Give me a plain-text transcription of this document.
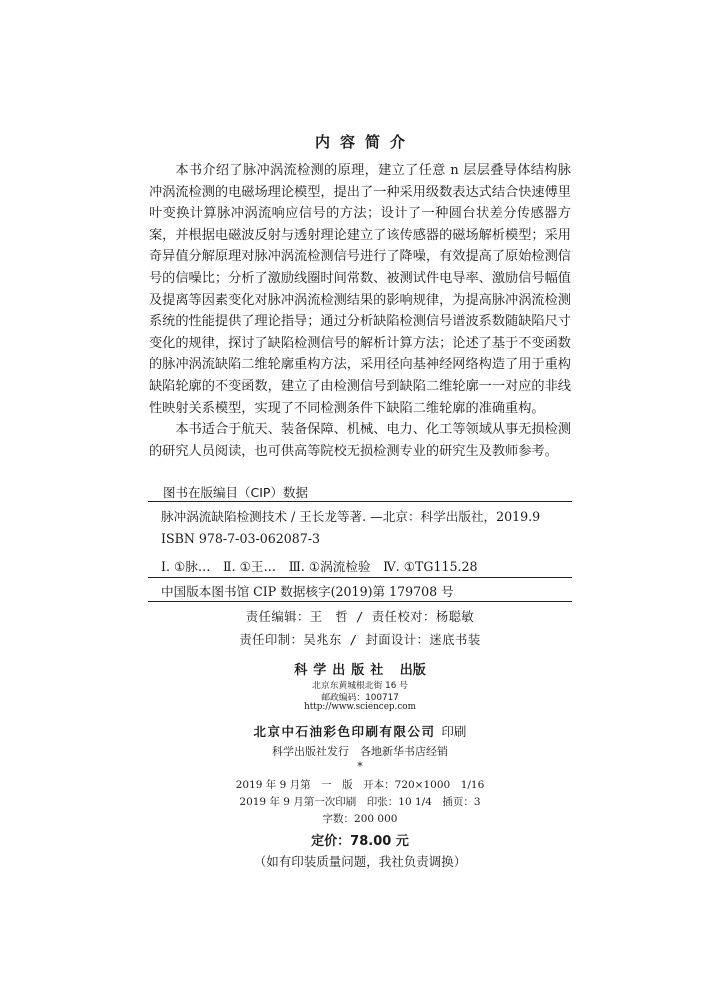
内容简介

本书介绍了脉冲涡流检测的原理，建立了任意 n 层层叠导体结构脉冲涡流检测的电磁场理论模型，提出了一种采用级数表达式结合快速傅里叶变换计算脉冲涡流响应信号的方法；设计了一种圆台状差分传感器方案，并根据电磁波反射与透射理论建立了该传感器的磁场解析模型；采用奇异值分解原理对脉冲涡流检测信号进行了降噪，有效提高了原始检测信号的信噪比；分析了激励线圈时间常数、被测试件电导率、激励信号幅值及提离等因素变化对脉冲涡流检测结果的影响规律，为提高脉冲涡流检测系统的性能提供了理论指导；通过分析缺陷检测信号谱波系数随缺陷尺寸变化的规律，探讨了缺陷检测信号的解析计算方法；论述了基于不变函数的脉冲涡流缺陷二维轮廓重构方法，采用径向基神经网络构造了用于重构缺陷轮廓的不变函数，建立了由检测信号到缺陷二维轮廓一一对应的非线性映射关系模型，实现了不同检测条件下缺陷二维轮廓的准确重构。

本书适合于航天、装备保障、机械、电力、化工等领域从事无损检测的研究人员阅读，也可供高等院校无损检测专业的研究生及教师参考。

图书在版编目（CIP）数据
脉冲涡流缺陷检测技术 / 王长龙等著. —北京：科学出版社，2019.9
ISBN 978-7-03-062087-3
Ⅰ. ①脉…　Ⅱ. ①王…　Ⅲ. ①涡流检验　Ⅳ. ①TG115.28
中国版本图书馆 CIP 数据核字(2019)第 179708 号
责任编辑：王　哲 / 责任校对：杨聪敏
责任印制：吴兆东 / 封面设计：迷底书装
科学出版社 出版
北京东黄城根北街 16 号
邮政编码：100717
http://www.sciencep.com
北京中石油彩色印刷有限公司 印刷
科学出版社发行　各地新华书店经销
*
2019 年 9 月第　一　版　开本：720×1000　1/16
2019 年 9 月第一次印刷　印张：10 1/4　插页：3
字数：200 000
定价：78.00 元
（如有印装质量问题，我社负责调换）
